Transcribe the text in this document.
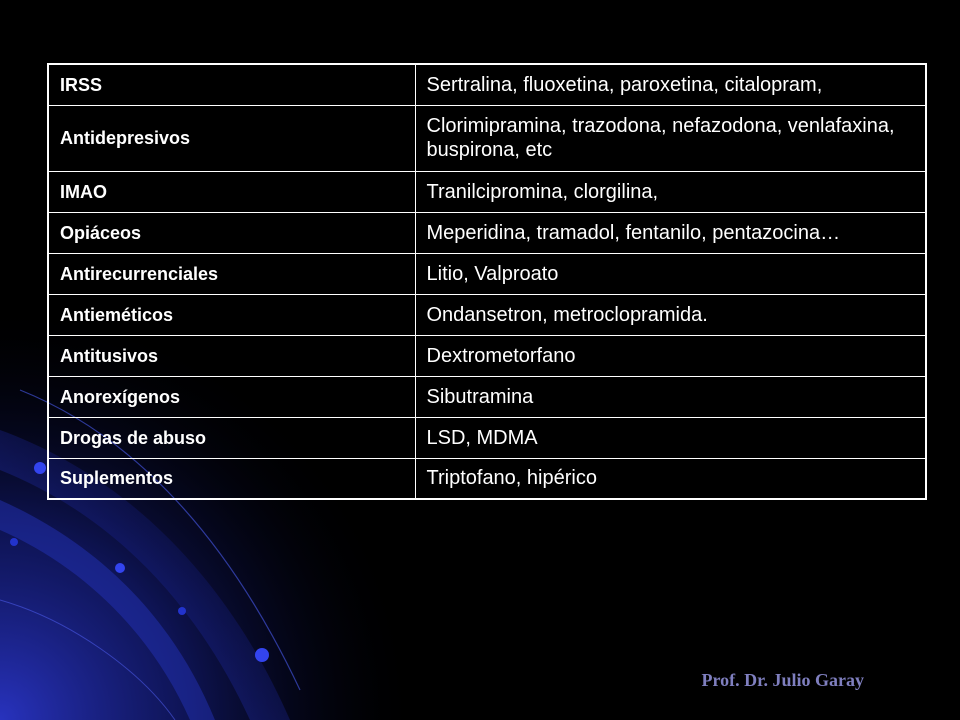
IRSS	Sertralina, fluoxetina, paroxetina, citalopram,
Antidepresivos	Clorimipramina, trazodona, nefazodona, venlafaxina, buspirona, etc
IMAO	Tranilcipromina, clorgilina,
Opiáceos	Meperidina, tramadol, fentanilo, pentazocina…
Antirecurrenciales	Litio, Valproato
Antieméticos	Ondansetron, metroclopramida.
Antitusivos	Dextrometorfano
Anorexígenos	Sibutramina
Drogas de abuso	LSD, MDMA
Suplementos	Triptofano, hipérico
Prof. Dr. Julio Garay
